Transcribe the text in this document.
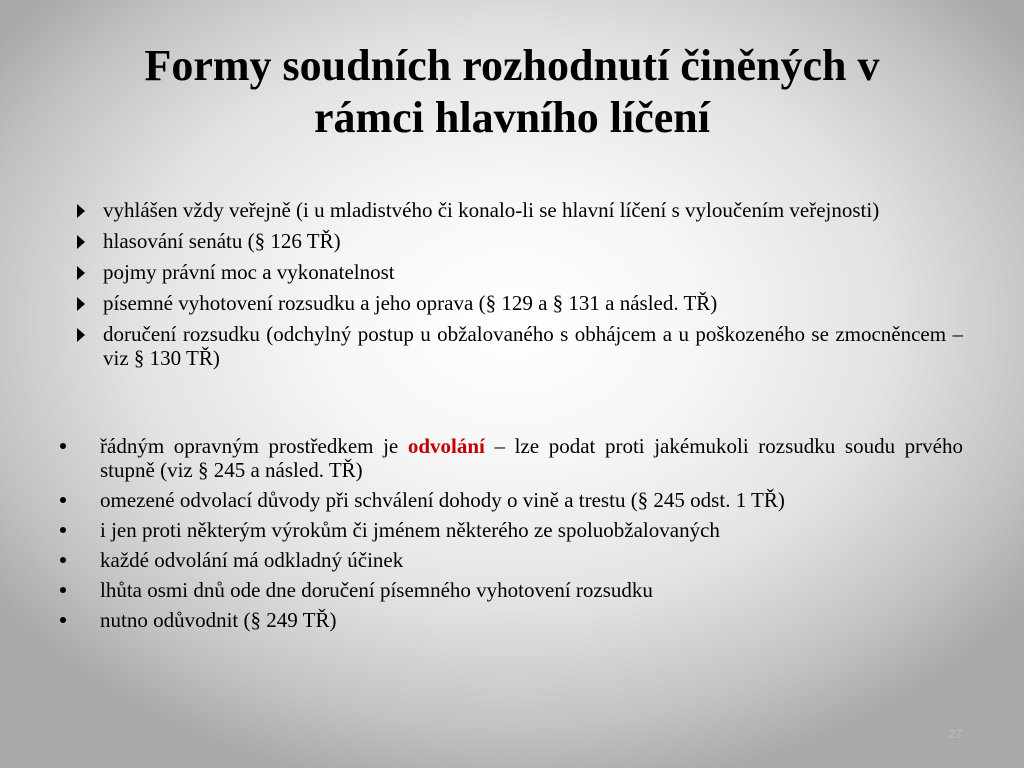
Formy soudních rozhodnutí činěných v
rámci hlavního líčení
vyhlášen vždy veřejně (i u mladistvého či konalo-li se hlavní líčení s vyloučením veřejnosti)
hlasování senátu (§ 126 TŘ)
pojmy právní moc a vykonatelnost
písemné vyhotovení rozsudku a jeho oprava (§ 129 a § 131 a násled. TŘ)
doručení rozsudku (odchylný postup u obžalovaného s obhájcem a u poškozeného se zmocněncem – viz § 130 TŘ)
řádným opravným prostředkem je odvolání – lze podat proti jakémukoli rozsudku soudu prvého stupně (viz § 245 a násled. TŘ)
omezené odvolací důvody při schválení dohody o vině a trestu (§ 245 odst. 1 TŘ)
i jen proti některým výrokům či jménem některého ze spoluobžalovaných
každé odvolání má odkladný účinek
lhůta osmi dnů ode dne doručení písemného vyhotovení rozsudku
nutno odůvodnit (§ 249 TŘ)
27
